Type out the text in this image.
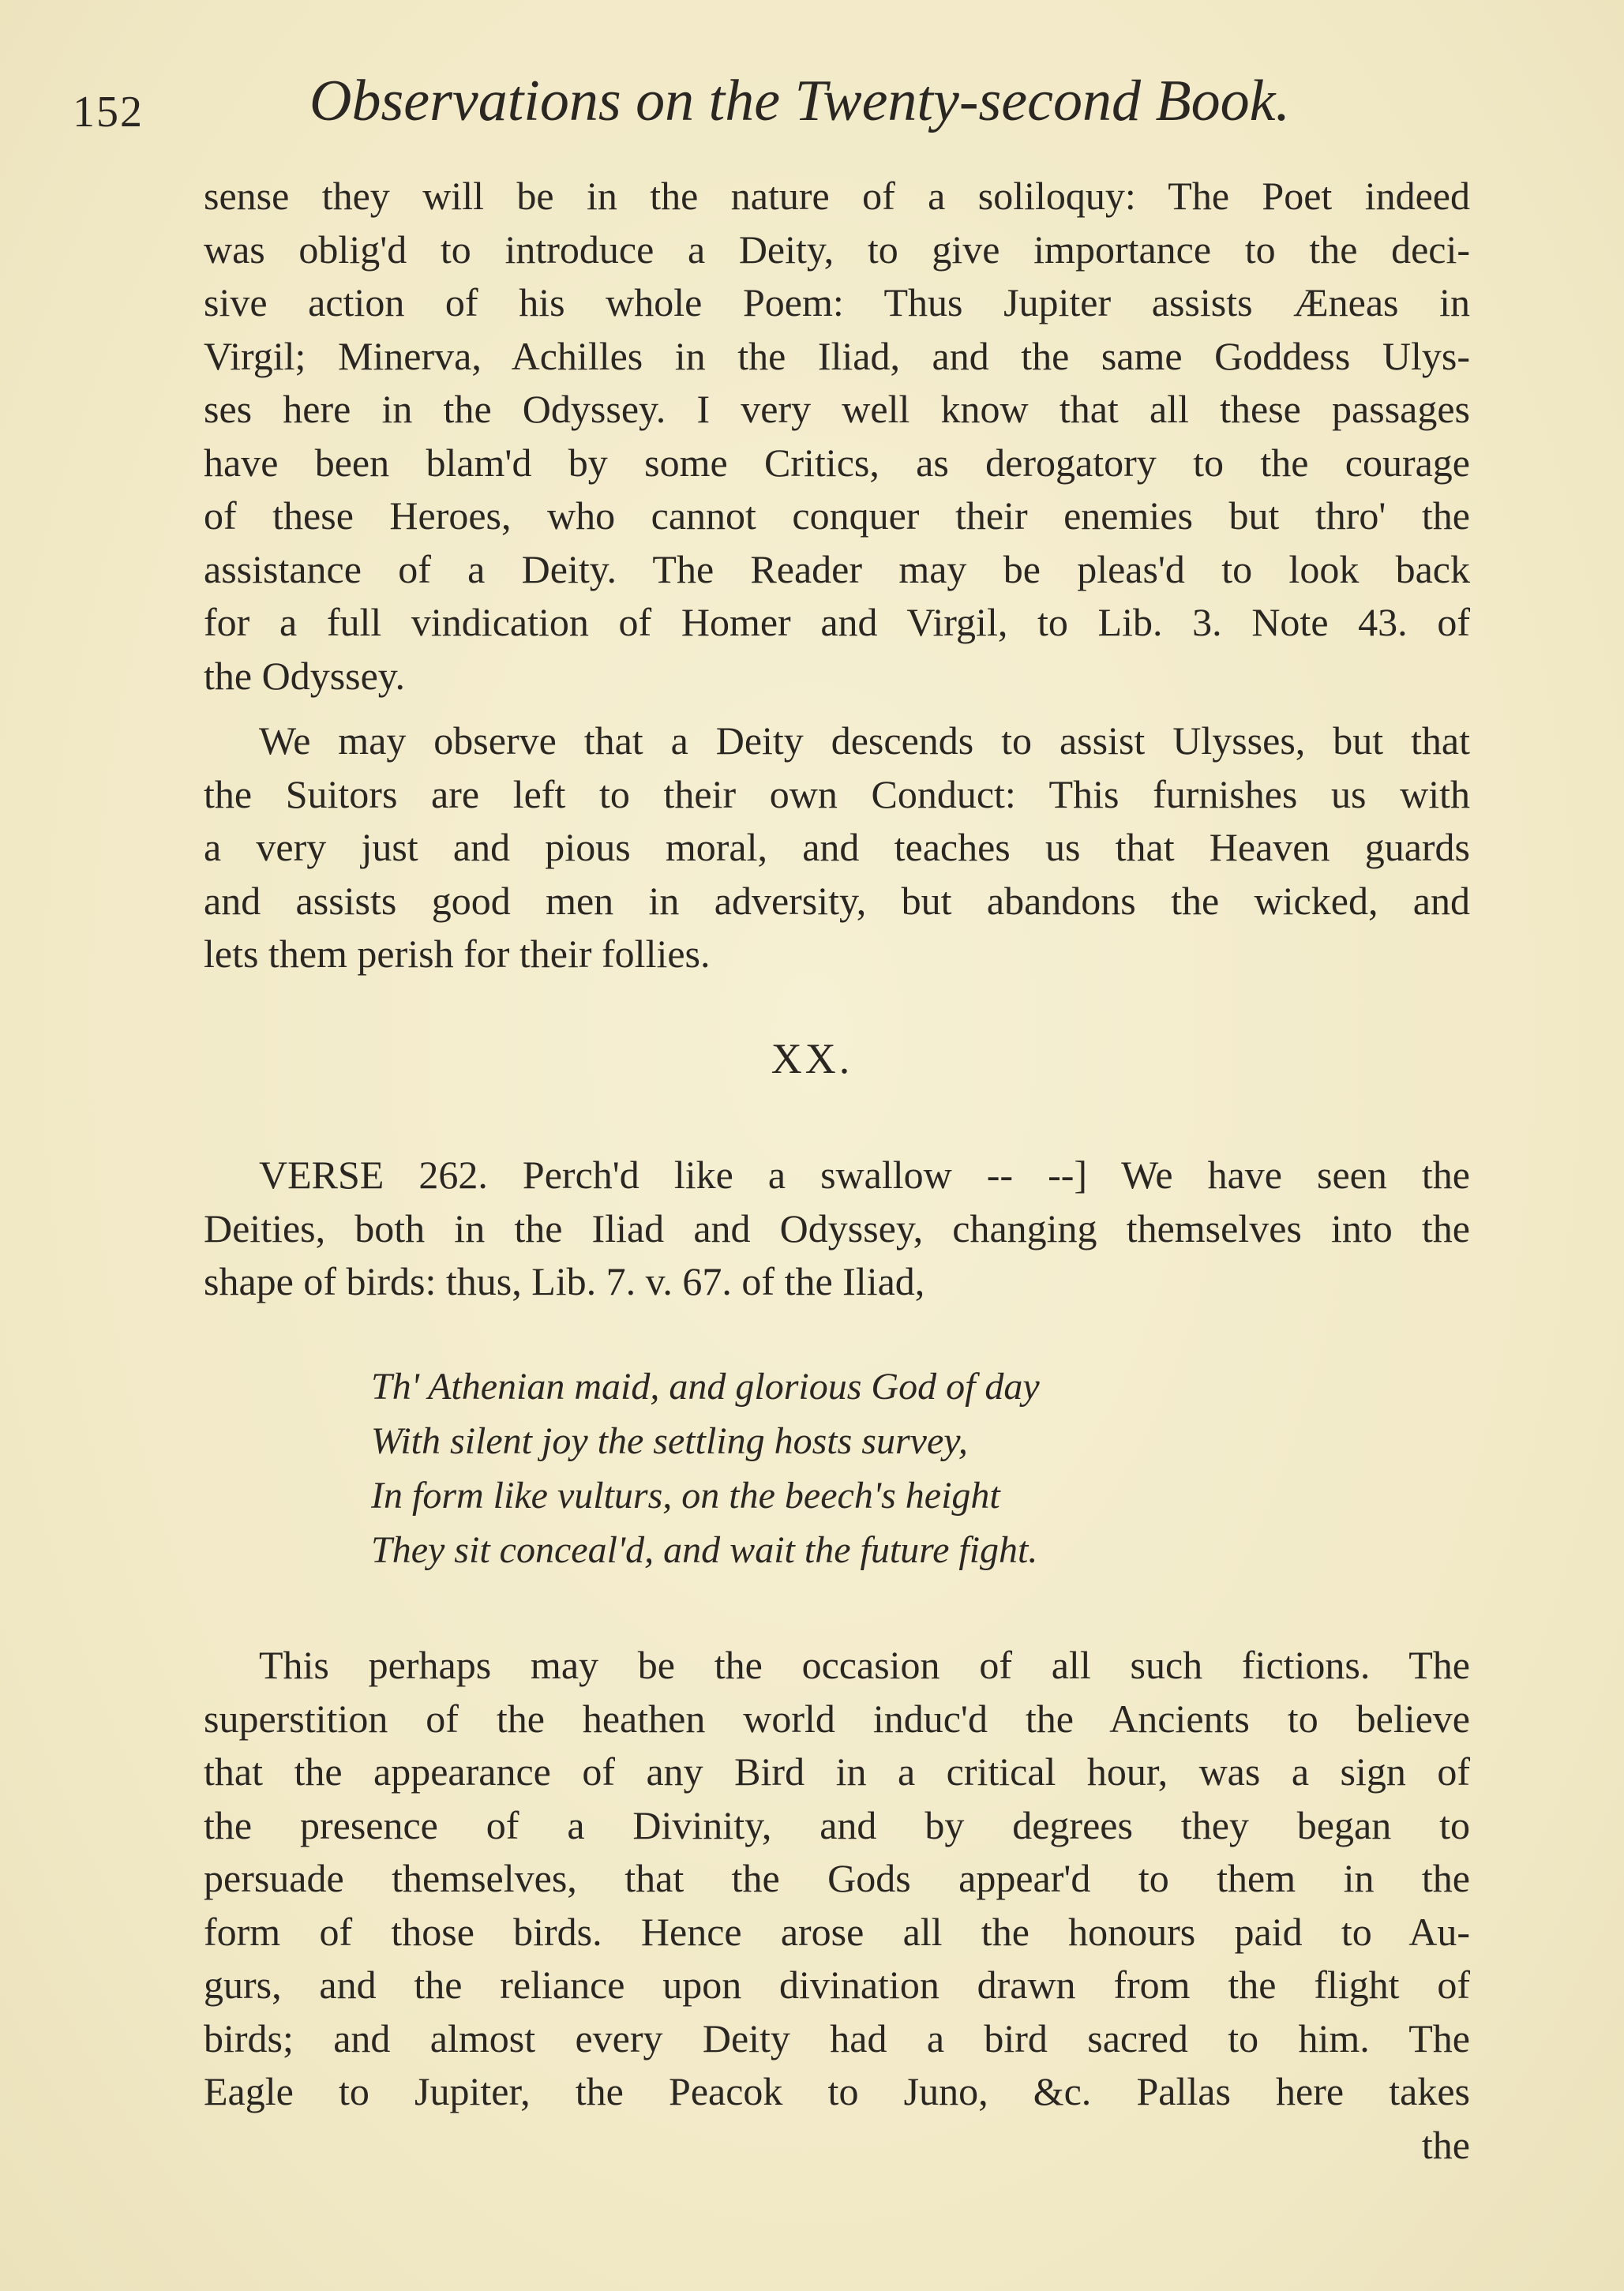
152	Observations on the Twenty-second Book.
sense they will be in the nature of a soliloquy: The Poet indeed
was oblig'd to introduce a Deity, to give importance to the deci-
sive action of his whole Poem: Thus Jupiter assists Æneas in
Virgil; Minerva, Achilles in the Iliad, and the same Goddess Ulys-
ses here in the Odyssey. I very well know that all these passages
have been blam'd by some Critics, as derogatory to the courage
of these Heroes, who cannot conquer their enemies but thro' the
assistance of a Deity. The Reader may be pleas'd to look back
for a full vindication of Homer and Virgil, to Lib. 3. Note 43. of
the Odyssey.
We may observe that a Deity descends to assist Ulysses, but that
the Suitors are left to their own Conduct: This furnishes us with
a very just and pious moral, and teaches us that Heaven guards
and assists good men in adversity, but abandons the wicked, and
lets them perish for their follies.
XX.
VERSE 262. Perch'd like a swallow -- --] We have seen the
Deities, both in the Iliad and Odyssey, changing themselves into the
shape of birds: thus, Lib. 7. v. 67. of the Iliad,
Th' Athenian maid, and glorious God of day
With silent joy the settling hosts survey,
In form like vulturs, on the beech's height
They sit conceal'd, and wait the future fight.
This perhaps may be the occasion of all such fictions. The
superstition of the heathen world induc'd the Ancients to believe
that the appearance of any Bird in a critical hour, was a sign of
the presence of a Divinity, and by degrees they began to
persuade themselves, that the Gods appear'd to them in the
form of those birds. Hence arose all the honours paid to Au-
gurs, and the reliance upon divination drawn from the flight of
birds; and almost every Deity had a bird sacred to him. The
Eagle to Jupiter, the Peacok to Juno, &c. Pallas here takes
the
